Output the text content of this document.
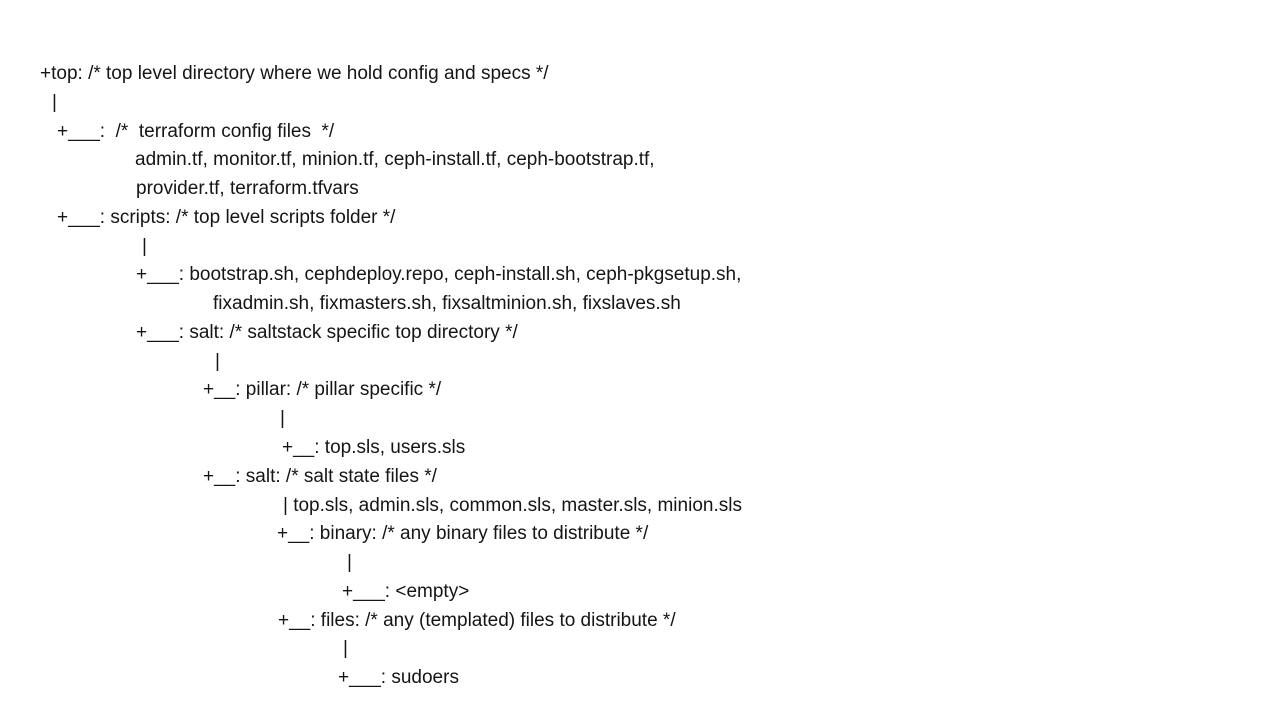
+top: /* top level directory where we hold config and specs */
|
+___:  /*  terraform config files  */
admin.tf, monitor.tf, minion.tf, ceph-install.tf, ceph-bootstrap.tf,
provider.tf, terraform.tfvars
+___: scripts: /* top level scripts folder */
|
+___: bootstrap.sh, cephdeploy.repo, ceph-install.sh, ceph-pkgsetup.sh,
fixadmin.sh, fixmasters.sh, fixsaltminion.sh, fixslaves.sh
+___: salt: /* saltstack specific top directory */
|
+__: pillar: /* pillar specific */
|
+__: top.sls, users.sls
+__: salt: /* salt state files */
| top.sls, admin.sls, common.sls, master.sls, minion.sls
+__: binary: /* any binary files to distribute */
|
+___: <empty>
+__: files: /* any (templated) files to distribute */
|
+___: sudoers
